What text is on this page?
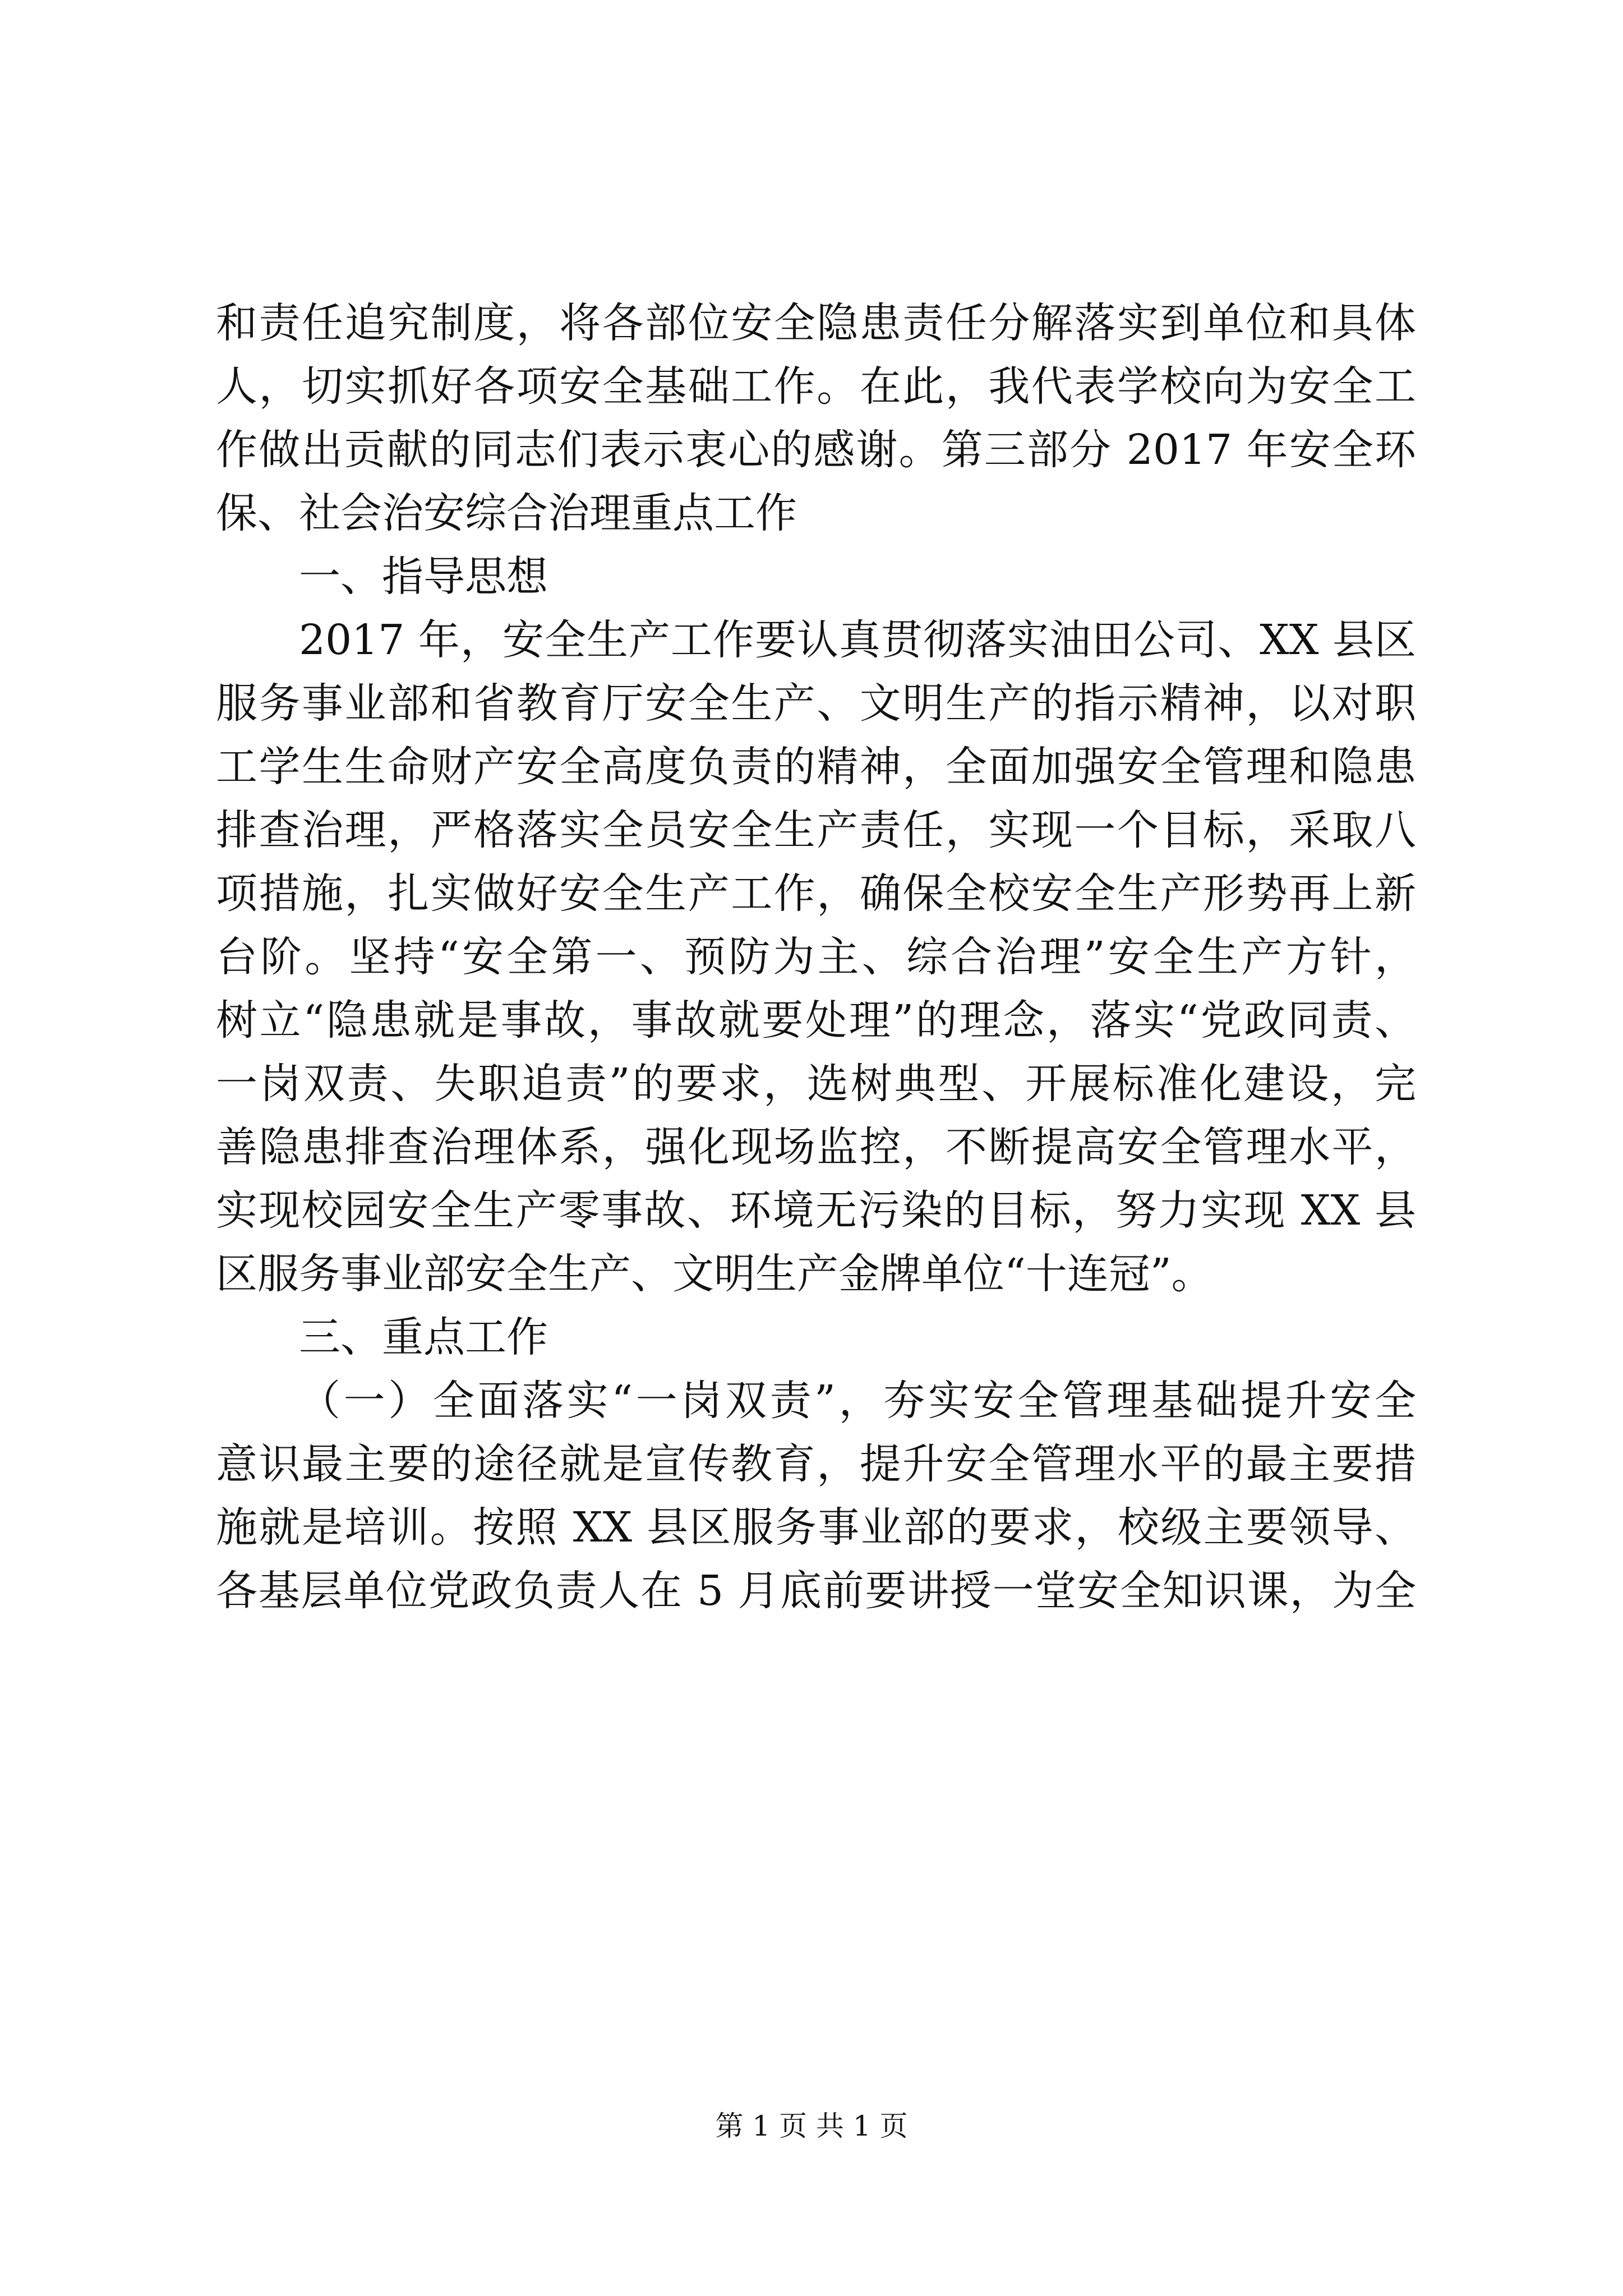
和责任追究制度，将各部位安全隐患责任分解落实到单位和具体
人，切实抓好各项安全基础工作。在此，我代表学校向为安全工
作做出贡献的同志们表示衷心的感谢。第三部分 2017 年安全环
保、社会治安综合治理重点工作
一、指导思想
2017 年，安全生产工作要认真贯彻落实油田公司、XX 县区
服务事业部和省教育厅安全生产、文明生产的指示精神，以对职
工学生生命财产安全高度负责的精神，全面加强安全管理和隐患
排查治理，严格落实全员安全生产责任，实现一个目标，采取八
项措施，扎实做好安全生产工作，确保全校安全生产形势再上新
台阶。坚持“安全第一、预防为主、综合治理”安全生产方针，
树立“隐患就是事故，事故就要处理”的理念，落实“党政同责、
一岗双责、失职追责”的要求，选树典型、开展标准化建设，完
善隐患排查治理体系，强化现场监控，不断提高安全管理水平，
实现校园安全生产零事故、环境无污染的目标，努力实现 XX 县
区服务事业部安全生产、文明生产金牌单位“十连冠”。
三、重点工作
（一）全面落实“一岗双责”，夯实安全管理基础提升安全
意识最主要的途径就是宣传教育，提升安全管理水平的最主要措
施就是培训。按照 XX 县区服务事业部的要求，校级主要领导、
各基层单位党政负责人在 5 月底前要讲授一堂安全知识课，为全
第 1 页 共 1 页
